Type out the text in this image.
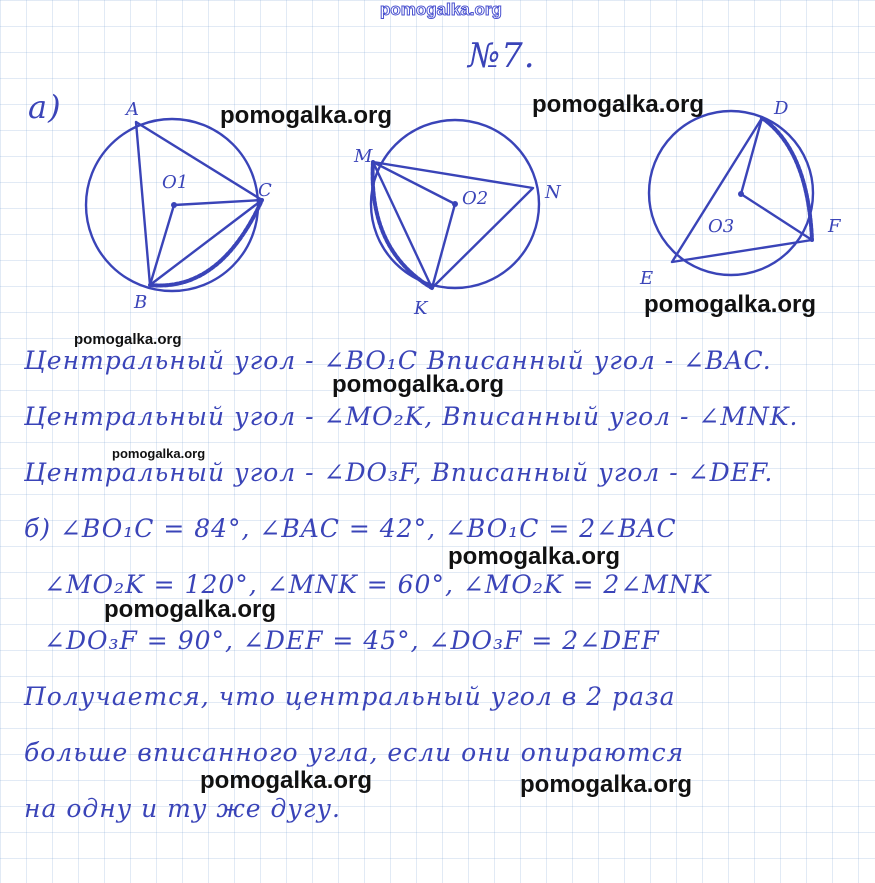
pomogalka.org
№7.
а)	A
B
C
O1
M
K
N
O2
D
E
F
O3
Центральный угол - ∠BO₁C Вписанный угол - ∠BAC.
Центральный угол - ∠MO₂K, Вписанный угол - ∠MNK.
Центральный угол - ∠DO₃F, Вписанный угол - ∠DEF.
б) ∠BO₁C = 84°, ∠BAC = 42°, ∠BO₁C = 2∠BAC
∠MO₂K = 120°, ∠MNK = 60°, ∠MO₂K = 2∠MNK
∠DO₃F = 90°, ∠DEF = 45°, ∠DO₃F = 2∠DEF
Получается, что центральный угол в 2 раза
больше вписанного угла, если они опираются
на одну и ту же дугу.
pomogalka.org	pomogalka.org
pomogalka.org
pomogalka.org
pomogalka.org
pomogalka.org
pomogalka.org
pomogalka.org
pomogalka.org	pomogalka.org
